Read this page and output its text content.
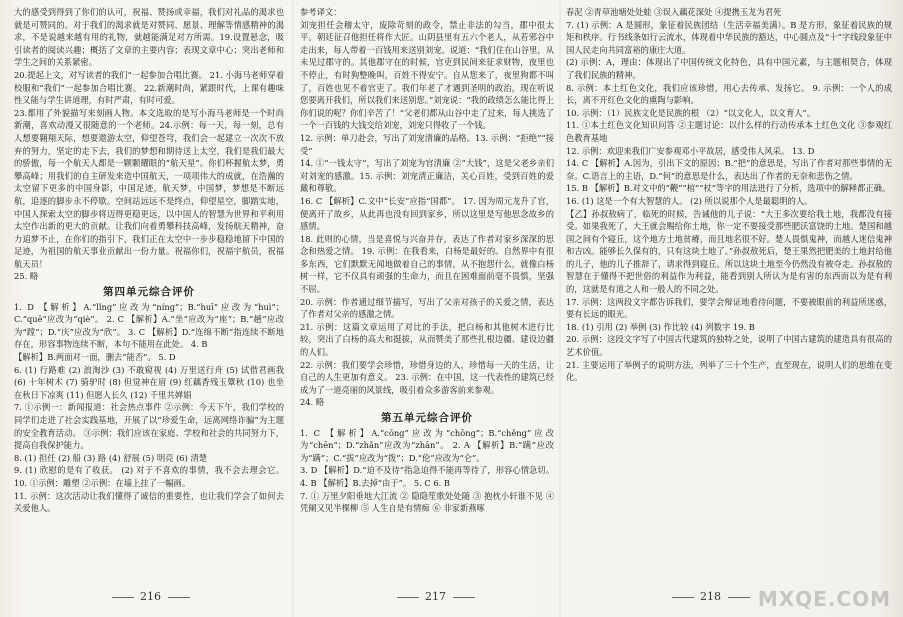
大的感受到得到了你们的认可，祝福、赞扬或幸福，我们对礼品的渴求也就是可赞同的。对于我们的渴求就是对赞同、愿景、理解等情感精神的渴求，不是说越来越有用的礼物，就越能满足对方所需。19.设置悬念，吸引读者的阅读兴趣；概括了文章的主要内容；表现文章中心；突出老师和学生之间的关系紧密。

20.提起上文，对写读者的我们“一起参加合唱比赛。 21. 小海马老师穿着校服和“我们”一起参加合唱比赛。 22.新潮时尚，紧跟时代，上课有趣味性又能与学生讲道理，有时严肃，有时可爱。

23.都用了外貌描写来刻画人物。本文选取的是写小海马老师是一个时尚新潮，喜欢动漫又很随意的一个老师。24.示例：每一天，每一刻，总有人想要翱翔天际，想要遨游太空，仰望苍穹，我们会一起建立一次次不放弃的努力，坚定的走下去，我们的梦想和期待送上太空，我们是我们最大的骄傲，每一个航天人都是一颗颗耀眼的“航天星”。你们杯握航太梦，勇攀高峰；用我们的自主研发来造中国航天，一项项伟大的成就，在浩瀚的太空留下更多的中国身影，中国足迹，航天梦，中国梦，梦想是不断远航，追逐的脚步永不停歇。空间站远远不是终点，仰望星空，脚踏实地，中国人探索太空的脚步将迈得更稳更远，以中国人的智慧为世界和平利用太空作出新的更大的贡献。让我们向着勇攀科技高峰，发扬航天精神，奋力追梦不止，在你们的指引下，我们正在太空中一步步稳稳地留下中国的足迹，为祖国的航天事业贡献出一份力量。祝福你们，祝福宇航员，祝福航天员！

25. 略

第四单元综合评价

1. D 【解析】A.“lǐng”应改为“níng”；B.“huī”应改为“huì”；C.“quē”应改为“qiè”。 2. C 【解析】A.“坐”应改为“座”；B.“趟”应改为“蹚”；D.“庆”应改为“欣”。 3. C 【解析】D.“连绵不断”指连续不断地存在，形容事物连续不断，本句不能用在此处。 4. B

【解析】B.两面对一面，删去“能否”。 5. D

6. (1) 行路难 (2) 浪淘沙 (3) 不敢窥视 (4) 万里送行舟 (5) 试借君画我 (6) 十年树木 (7) 骑驴时 (8) 但觉神在眉 (9) 红藕香残玉簟秋 (10) 也坐在秋日下凉爽 (11) 但愿人长久 (12) 千里共婵娟

7. ①示例一：新闻报道：社会热点事件 ②示例：今天下午，我们学校的同学们走进了社会实践基地，开展了以“珍爱生命，远离网络诈骗”为主题的安全教育活动。 ③示例：我们应该在家庭、学校和社会的共同努力下，提高自我保护能力。

8. (1) 担任 (2) 船 (3) 路 (4) 舒展 (5) 明亮 (6) 清楚

9. (1) 欣慰的是有了收获。 (2) 对于不喜欢的事情，我不会去理会它。 10. ①示例：雕塑 ②示例：在墙上挂了一幅画。

11. 示例：这次活动让我们懂得了诚信的重要性，也让我们学会了如何去关爱他人。

参考译文：

刘宠担任会稽太守，废除苛刻的政令，禁止非法的勾当，郡中很太平。朝廷征召他担任将作大匠。山阴县里有五六个老人，从若邪谷中走出来，每人带着一百钱用来送别刘宠。说道：“我们住在山谷里，从未见过郡守的。其他郡守在的时候，官吏到民间来征求财物，夜里也不停止，有时狗整晚叫，百姓不得安宁。自从您来了，夜里狗都不叫了，百姓也见不着官吏了。我们年老了才遇到圣明的政治，现在听说您要离开我们，所以我们来送别您。”刘宠说：“我的政绩怎么能比得上你们说的呢？你们辛苦了！”父老们都从山谷中走了过来，每人挑选了一个一百钱的大钱交给刘宠，刘宠只得收了一个钱。

12. 示例：单刀赴会，写出了刘宠清廉的品格。13. 示例：“拒绝”“接受”

14. ①“一钱太守”，写出了刘宠为官清廉 ②“大钱”，这是父老乡亲们对刘宠的感激。15. 示例：刘宠清正廉洁，关心百姓，受到百姓的爱戴和尊敬。

16. C 【解析】C.文中“长安”应指“国都”。 17. 因为周元龙升了官，便离开了故乡，从此再也没有回到家乡，所以这里是写他思念故乡的感情。

18. 此则的心情，当是喜悦与兴奋并存，表达了作者对家乡深深的思念和热爱之情。 19. 示例：在我看来，白杨是最好的。自然界中有很多东西，它们默默无闻地做着自己的事情，从不抱怨什么，就像白杨树一样，它不仅具有顽强的生命力，而且在困难面前毫不畏惧，坚强不屈。

20. 示例：作者通过细节描写，写出了父亲对孩子的关爱之情，表达了作者对父亲的感激之情。

21. 示例：这篇文章运用了对比的手法，把白杨和其他树木进行比较，突出了白杨的高大和挺拔，从而赞美了那些扎根边疆、建设边疆的人们。

22. 示例：我们要学会珍惜，珍惜身边的人，珍惜每一天的生活，让自己的人生更加有意义。 23. 示例：在中国，这一代表性的建筑已经成为了一道亮丽的风景线，吸引着众多游客前来参观。

24. 略

第五单元综合评价

1. C 【解析】A.“cōng”应改为“chōng”；B.“chěng”应改为“chēn”；D.“zhǎn”应改为“zhān”。 2. A 【解析】B.“蹒”应改为“蹒”；C.“拔”应改为“拨”；D.“伦”应改为“仑”。

3. D 【解析】D.“迫不及待”指急迫得不能再等待了，形容心情急切。 4. B 【解析】B.去掉“由于”。 5. C 6. B

7. ① 万里夕阳垂地大江流 ② 隐隐笙歌处处随 ③ 抱枕小轩谁不见 ④ 凭阑又见半棵柳 ⑤ 人生自是有情痴 ⑥ 非家新燕啄

春泥 ②青草池塘处处蛙 ③误入藕花深处 ④提携玉龙为君死

7. (1) 示例：A 是圆形，象征着民族团结（生活幸福美满）。B 是方形，象征着民族的规矩和秩序。行书线条如行云流水，体现着中华民族的豁达，中心圆点及“十”字线段象征中国人民走向共同富裕的康庄大道。

(2) 示例：A，理由：体现出了中国传统文化特色，具有中国元素，与主题相契合，体现了我们民族的精神。

8. 示例：本土红色文化，我们应该珍惜，用心去传承、发扬它。 9. 示例：一个人的成长，离不开红色文化的熏陶与影响。

10. 示例：（1）民族文化是民族的根 （2）“以文化人，以文育人”。

11. ①本土红色文化知识问答 ②主题讨论：以什么样的行动传承本土红色文化 ③参观红色教育基地

12. 示例：欢迎来我们广安参观邓小平故居，感受伟人风采。 13. D

14. C 【解析】A.因为，引出下文的原因；B.“把”的意思是，写出了作者对那些事情的无奈。C.语言上的主语，D.“何”的意思是什么，表达出了作者的无奈和悲伤之情。

15. B 【解析】B.对文中的“鞭”“棺”“杖”等字的用法进行了分析，选项中的解释都正确。

16. (1) 这是一个有大智慧的人。 (2) 所以说那个人是最聪明的人。

【乙】孙叔敖病了，临死的时候，告诫他的儿子说：“大王多次要给我土地，我都没有接受。如果我死了，大王就会赐给你土地，你一定不要接受那些肥沃富饶的土地。楚国和越国之间有个寝丘，这个地方土地贫瘠，而且地名很不好。楚人畏惧鬼神，而越人迷信鬼神和吉凶。能够长久保有的，只有这块土地了。”孙叔敖死后，楚王果然把肥美的土地封给他的儿子，他的儿子推辞了，请求得到寝丘。所以这块土地至今仍然没有被夺走。孙叔敖的智慧在于懂得不把世俗的利益作为利益，能看到别人所认为是有害的东西而以为是有利的，这就是有道之人和一般人的不同之处。

17. 示例：这两段文字都告诉我们，要学会辩证地看待问题，不要被眼前的利益所迷惑，要有长远的眼光。

18. (1) 引用 (2) 举例 (3) 作比较 (4) 列数字 19. B

20. 示例：这段文字写了中国古代建筑的独特之处，说明了中国古建筑的建造具有很高的艺术价值。

21. 主要运用了举例子的说明方法，列举了三十个生产，直至现在，说明人们的思维在变化。

216	217	218 MXQE.COM
